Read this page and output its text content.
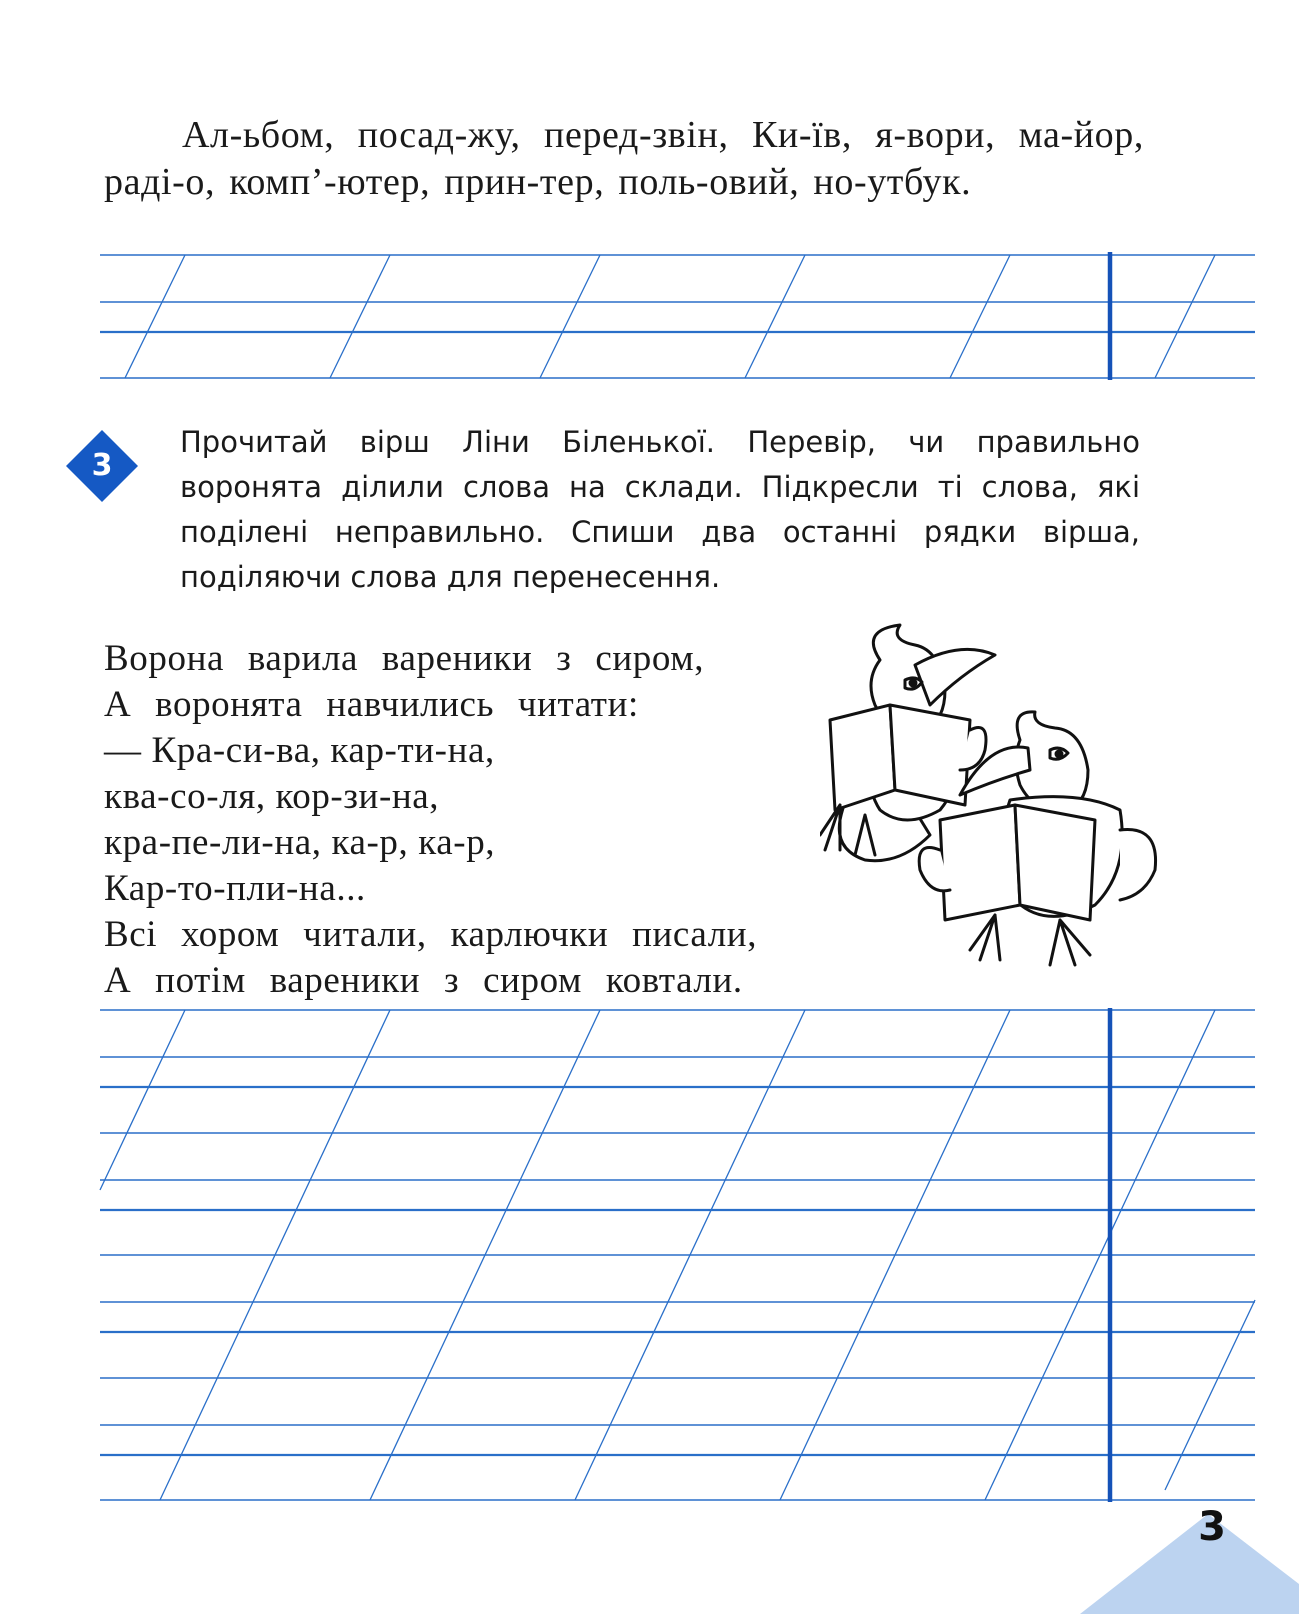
Ал-ьбом, посад-жу, перед-звін, Ки-їв, я-вори, ма-йор, раді-о, комп’-ютер, прин-тер, поль-овий, но-утбук.

3

Прочитай вірш Ліни Біленької. Перевір, чи правильно воронята ділили слова на склади. Підкресли ті слова, які поділені неправильно. Спиши два останні рядки вірша, поділяючи слова для перенесення.

Ворона варила вареники з сиром,
А воронята навчились читати:
— Кра-си-ва, кар-ти-на,
ква-со-ля, кор-зи-на,
кра-пе-ли-на, ка-р, ка-р,
Кар-то-пли-на...
Всі хором читали, карлючки писали,
А потім вареники з сиром ковтали.
3
